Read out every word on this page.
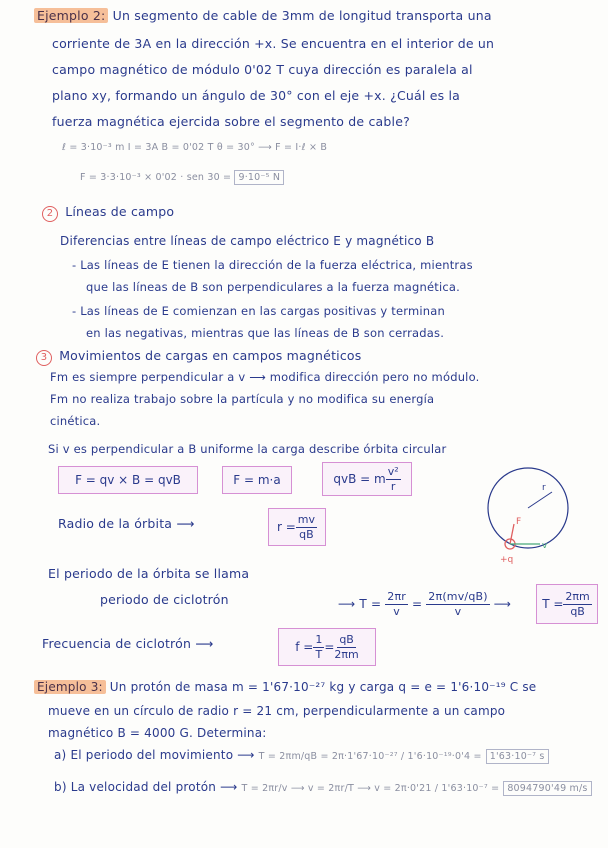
Ejemplo 2: Un segmento de cable de 3mm de longitud transporta una
corriente de 3A en la dirección +x. Se encuentra en el interior de un
campo magnético de módulo 0'02 T cuya dirección es paralela al
plano xy, formando un ángulo de 30° con el eje +x. ¿Cuál es la
fuerza magnética ejercida sobre el segmento de cable?
ℓ = 3·10⁻³ m I = 3A B = 0'02 T θ = 30° ⟶ F = I·ℓ × B
F = 3·3·10⁻³ × 0'02 · sen 30 = 9·10⁻⁵ N
2 Líneas de campo
Diferencias entre líneas de campo eléctrico E y magnético B
- Las líneas de E tienen la dirección de la fuerza eléctrica, mientras
que las líneas de B son perpendiculares a la fuerza magnética.
- Las líneas de E comienzan en las cargas positivas y terminan
en las negativas, mientras que las líneas de B son cerradas.
3 Movimientos de cargas en campos magnéticos
Fm es siempre perpendicular a v ⟶ modifica dirección pero no módulo.
Fm no realiza trabajo sobre la partícula y no modifica su energía
cinética.
Si v es perpendicular a B uniforme la carga describe órbita circular
F = qv × B = qvB	F = m·a	qvB = m $\frac{\text{v²}}{r}$	r
F
v
+q
Radio de la órbita ⟶	$r = \frac{mv}{qB}$
El periodo de la órbita se llama
periodo de ciclotrón	⟶ $T = \frac{2\pi r}{v} = \frac{2\pi(mv/qB)}{v}$ ⟶	$T = \frac{2\pi m}{qB}$
Frecuencia de ciclotrón ⟶	$f = \frac{1}{T} = \frac{qB}{2\pi m}$
Ejemplo 3: Un protón de masa m = 1'67·10⁻²⁷ kg y carga q = e = 1'6·10⁻¹⁹ C se
mueve en un círculo de radio r = 21 cm, perpendicularmente a un campo
magnético B = 4000 G. Determina:
a) El periodo del movimiento ⟶ T = 2πm/qB = 2π·1'67·10⁻²⁷ / 1'6·10⁻¹⁹·0'4 = 1'63·10⁻⁷ s
b) La velocidad del protón ⟶ T = 2πr/v ⟶ v = 2πr/T ⟶ v = 2π·0'21 / 1'63·10⁻⁷ = 8094790'49 m/s
